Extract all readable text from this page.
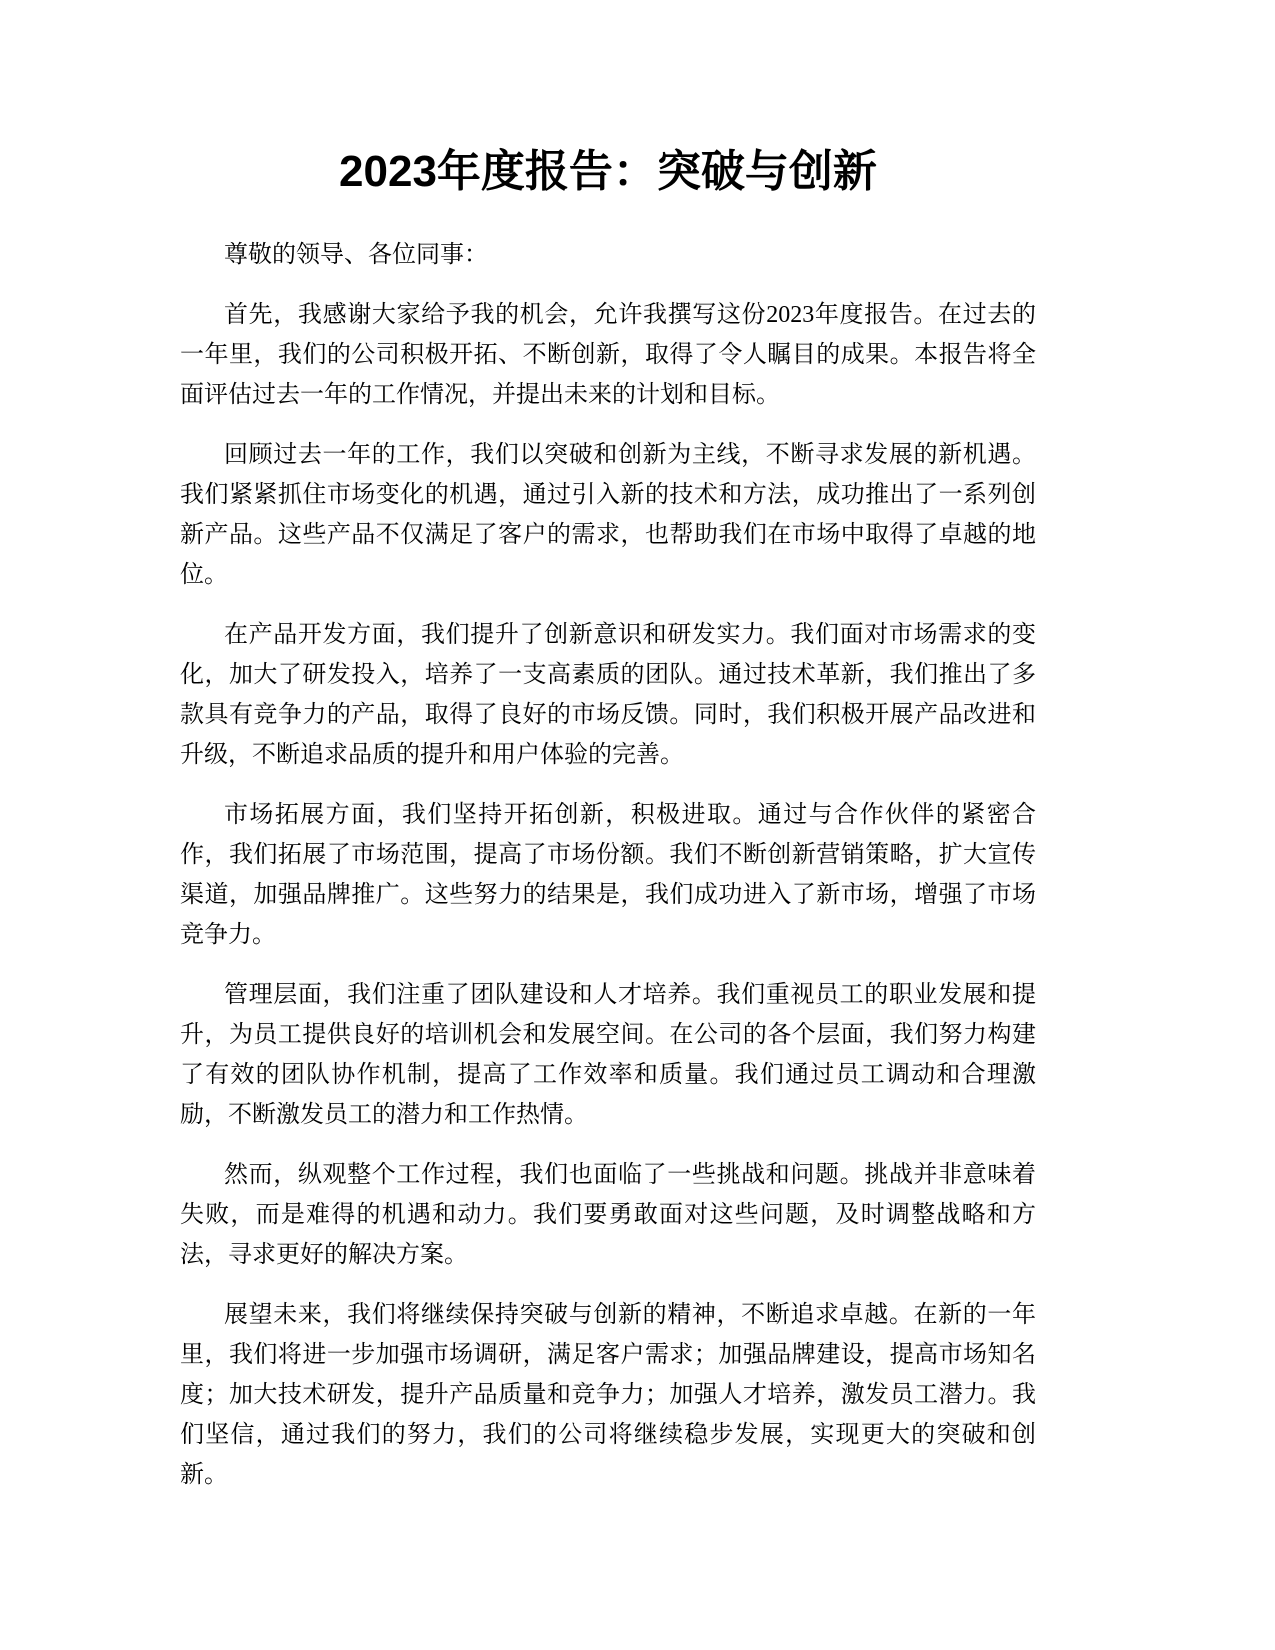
2023年度报告：突破与创新

尊敬的领导、各位同事：

首先，我感谢大家给予我的机会，允许我撰写这份2023年度报告。在过去的一年里，我们的公司积极开拓、不断创新，取得了令人瞩目的成果。本报告将全面评估过去一年的工作情况，并提出未来的计划和目标。

回顾过去一年的工作，我们以突破和创新为主线，不断寻求发展的新机遇。我们紧紧抓住市场变化的机遇，通过引入新的技术和方法，成功推出了一系列创新产品。这些产品不仅满足了客户的需求，也帮助我们在市场中取得了卓越的地位。

在产品开发方面，我们提升了创新意识和研发实力。我们面对市场需求的变化，加大了研发投入，培养了一支高素质的团队。通过技术革新，我们推出了多款具有竞争力的产品，取得了良好的市场反馈。同时，我们积极开展产品改进和升级，不断追求品质的提升和用户体验的完善。

市场拓展方面，我们坚持开拓创新，积极进取。通过与合作伙伴的紧密合作，我们拓展了市场范围，提高了市场份额。我们不断创新营销策略，扩大宣传渠道，加强品牌推广。这些努力的结果是，我们成功进入了新市场，增强了市场竞争力。

管理层面，我们注重了团队建设和人才培养。我们重视员工的职业发展和提升，为员工提供良好的培训机会和发展空间。在公司的各个层面，我们努力构建了有效的团队协作机制，提高了工作效率和质量。我们通过员工调动和合理激励，不断激发员工的潜力和工作热情。

然而，纵观整个工作过程，我们也面临了一些挑战和问题。挑战并非意味着失败，而是难得的机遇和动力。我们要勇敢面对这些问题，及时调整战略和方法，寻求更好的解决方案。

展望未来，我们将继续保持突破与创新的精神，不断追求卓越。在新的一年里，我们将进一步加强市场调研，满足客户需求；加强品牌建设，提高市场知名度；加大技术研发，提升产品质量和竞争力；加强人才培养，激发员工潜力。我们坚信，通过我们的努力，我们的公司将继续稳步发展，实现更大的突破和创新。
